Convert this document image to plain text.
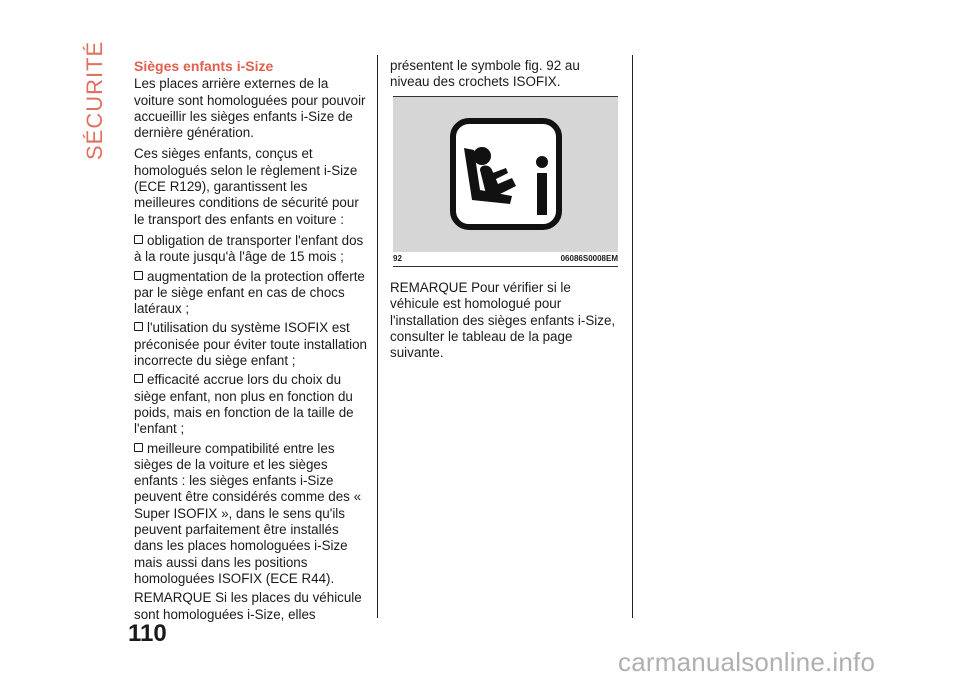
SÉCURITÉ Sièges enfants i-Size
Les places arrière externes de la voiture sont homologuées pour pouvoir accueillir les sièges enfants i-Size de dernière génération.
Ces sièges enfants, conçus et homologués selon le règlement i-Size (ECE R129), garantissent les meilleures conditions de sécurité pour le transport des enfants en voiture :
obligation de transporter l'enfant dos à la route jusqu'à l'âge de 15 mois ;
augmentation de la protection offerte par le siège enfant en cas de chocs latéraux ;
l'utilisation du système ISOFIX est préconisée pour éviter toute installation incorrecte du siège enfant ;
efficacité accrue lors du choix du siège enfant, non plus en fonction du poids, mais en fonction de la taille de l'enfant ;
meilleure compatibilité entre les sièges de la voiture et les sièges enfants : les sièges enfants i-Size peuvent être considérés comme des « Super ISOFIX », dans le sens qu'ils peuvent parfaitement être installés dans les places homologuées i-Size mais aussi dans les positions homologuées ISOFIX (ECE R44).
REMARQUE Si les places du véhicule sont homologuées i-Size, elles
présentent le symbole fig. 92 au niveau des crochets ISOFIX.
92	06086S0008EM
REMARQUE Pour vérifier si le véhicule est homologué pour l'installation des sièges enfants i-Size, consulter le tableau de la page suivante.
110
carmanualsonline.info
